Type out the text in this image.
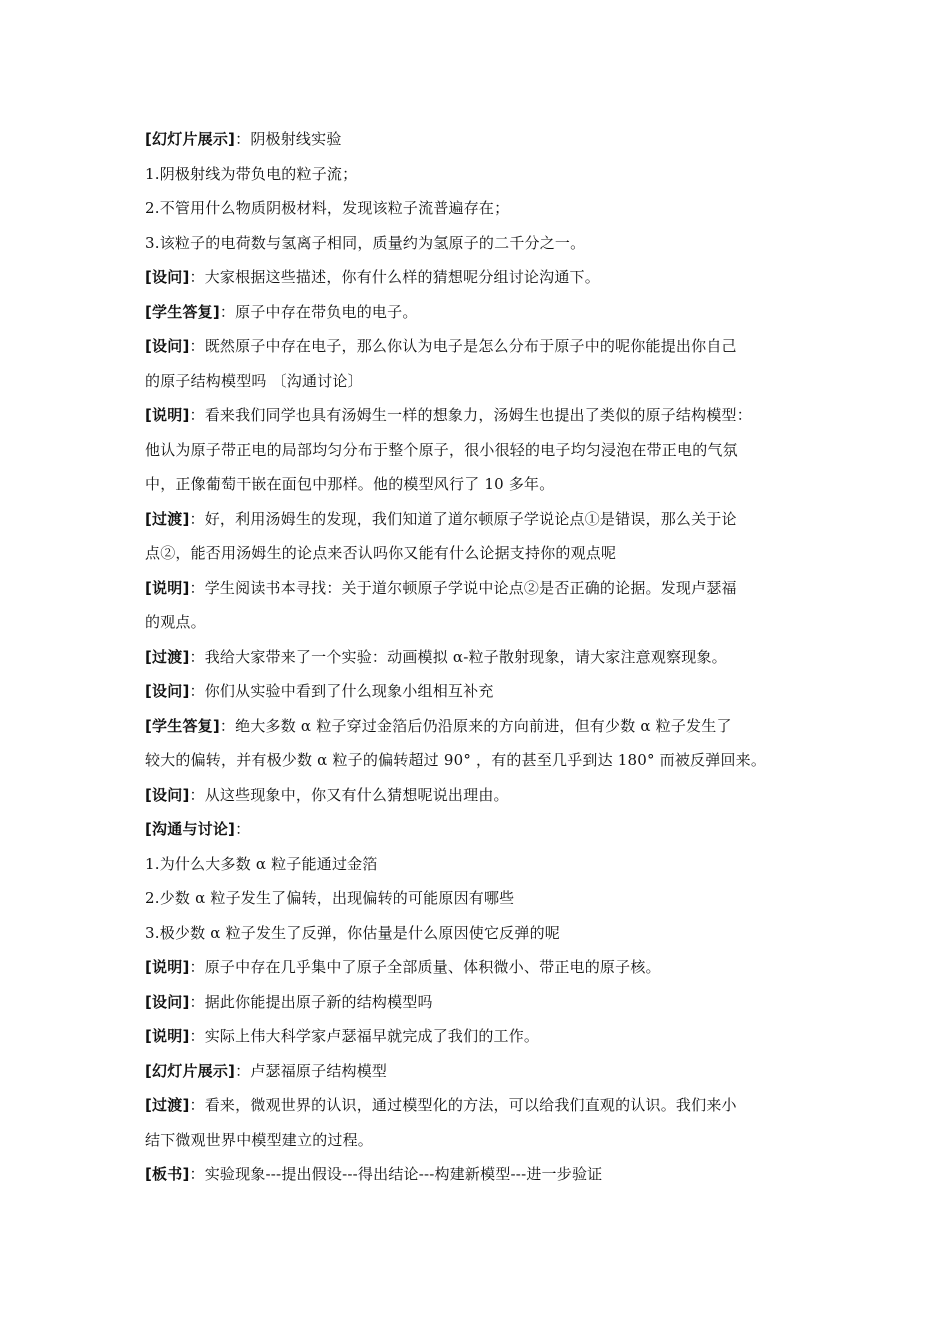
[幻灯片展示]：阴极射线实验
1.阴极射线为带负电的粒子流；
2.不管用什么物质阴极材料，发现该粒子流普遍存在；
3.该粒子的电荷数与氢离子相同，质量约为氢原子的二千分之一。
[设问]：大家根据这些描述，你有什么样的猜想呢分组讨论沟通下。
[学生答复]：原子中存在带负电的电子。
[设问]：既然原子中存在电子，那么你认为电子是怎么分布于原子中的呢你能提出你自己
的原子结构模型吗 〔沟通讨论〕
[说明]：看来我们同学也具有汤姆生一样的想象力，汤姆生也提出了类似的原子结构模型：
他认为原子带正电的局部均匀分布于整个原子，很小很轻的电子均匀浸泡在带正电的气氛
中，正像葡萄干嵌在面包中那样。他的模型风行了 10 多年。
[过渡]：好，利用汤姆生的发现，我们知道了道尔顿原子学说论点①是错误，那么关于论
点②，能否用汤姆生的论点来否认吗你又能有什么论据支持你的观点呢
[说明]：学生阅读书本寻找：关于道尔顿原子学说中论点②是否正确的论据。发现卢瑟福
的观点。
[过渡]：我给大家带来了一个实验：动画模拟 α-粒子散射现象，请大家注意观察现象。
[设问]：你们从实验中看到了什么现象小组相互补充
[学生答复]：绝大多数 α 粒子穿过金箔后仍沿原来的方向前进，但有少数 α 粒子发生了
较大的偏转，并有极少数 α 粒子的偏转超过 90° ，有的甚至几乎到达 180° 而被反弹回来。
[设问]：从这些现象中，你又有什么猜想呢说出理由。
[沟通与讨论]：
1.为什么大多数 α 粒子能通过金箔
2.少数 α 粒子发生了偏转，出现偏转的可能原因有哪些
3.极少数 α 粒子发生了反弹，你估量是什么原因使它反弹的呢
[说明]：原子中存在几乎集中了原子全部质量、体积微小、带正电的原子核。
[设问]：据此你能提出原子新的结构模型吗
[说明]：实际上伟大科学家卢瑟福早就完成了我们的工作。
[幻灯片展示]：卢瑟福原子结构模型
[过渡]：看来，微观世界的认识，通过模型化的方法，可以给我们直观的认识。我们来小
结下微观世界中模型建立的过程。
[板书]：实验现象---提出假设---得出结论---构建新模型---进一步验证
